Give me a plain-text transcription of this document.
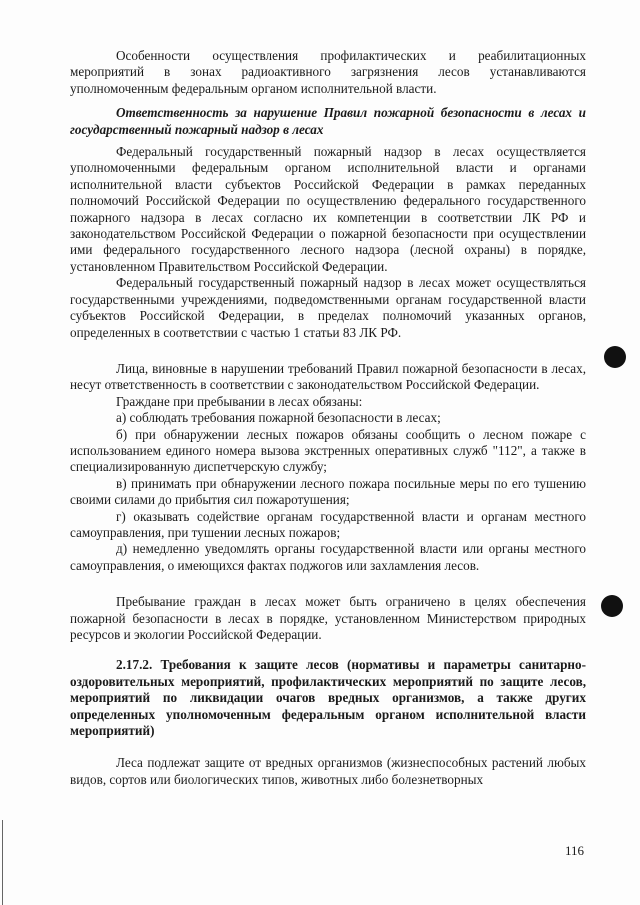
Особенности осуществления профилактических и реабилитационных мероприятий в зонах радиоактивного загрязнения лесов устанавливаются уполномоченным федеральным органом исполнительной власти.

Ответственность за нарушение Правил пожарной безопасности в лесах и государственный пожарный надзор в лесах

Федеральный государственный пожарный надзор в лесах осуществляется уполномоченными федеральным органом исполнительной власти и органами исполнительной власти субъектов Российской Федерации в рамках переданных полномочий Российской Федерации по осуществлению федерального государственного пожарного надзора в лесах согласно их компетенции в соответствии ЛК РФ и законодательством Российской Федерации о пожарной безопасности при осуществлении ими федерального государственного лесного надзора (лесной охраны) в порядке, установленном Правительством Российской Федерации.

Федеральный государственный пожарный надзор в лесах может осуществляться государственными учреждениями, подведомственными органам государственной власти субъектов Российской Федерации, в пределах полномочий указанных органов, определенных в соответствии с частью 1 статьи 83 ЛК РФ.

Лица, виновные в нарушении требований Правил пожарной безопасности в лесах, несут ответственность в соответствии с законодательством Российской Федерации.

Граждане при пребывании в лесах обязаны:

а) соблюдать требования пожарной безопасности в лесах;

б) при обнаружении лесных пожаров обязаны сообщить о лесном пожаре с использованием единого номера вызова экстренных оперативных служб "112", а также в специализированную диспетчерскую службу;

в) принимать при обнаружении лесного пожара посильные меры по его тушению своими силами до прибытия сил пожаротушения;

г) оказывать содействие органам государственной власти и органам местного самоуправления, при тушении лесных пожаров;

д) немедленно уведомлять органы государственной власти или органы местного самоуправления, о имеющихся фактах поджогов или захламления лесов.

Пребывание граждан в лесах может быть ограничено в целях обеспечения пожарной безопасности в лесах в порядке, установленном Министерством природных ресурсов и экологии Российской Федерации.

2.17.2. Требования к защите лесов (нормативы и параметры санитарно-оздоровительных мероприятий, профилактических мероприятий по защите лесов, мероприятий по ликвидации очагов вредных организмов, а также других определенных уполномоченным федеральным органом исполнительной власти мероприятий)

Леса подлежат защите от вредных организмов (жизнеспособных растений любых видов, сортов или биологических типов, животных либо болезнетворных

116
